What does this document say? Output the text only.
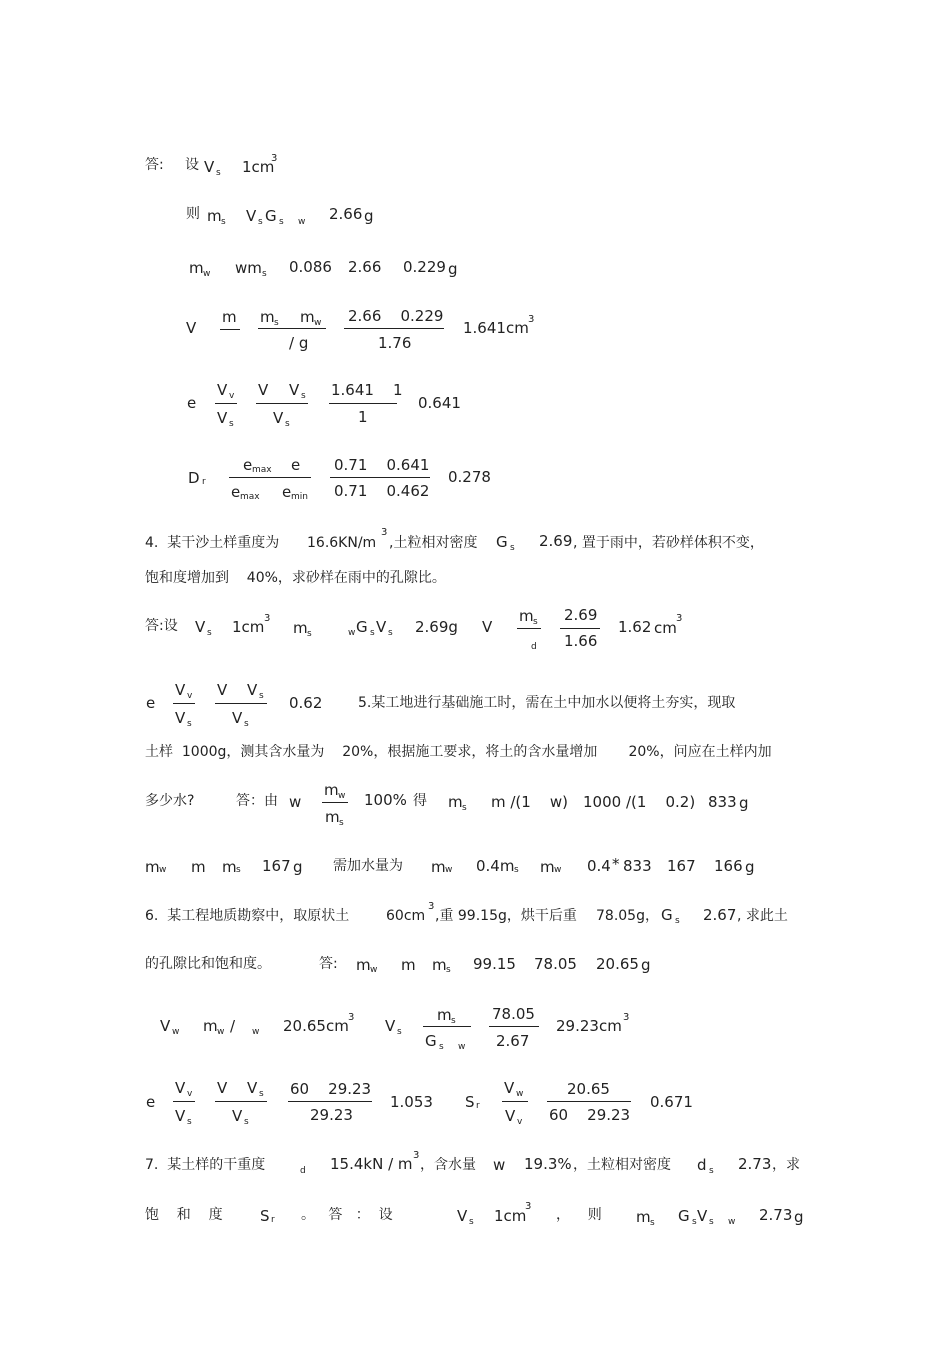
答: 设 V s 1cm
3
则 m s V s G s w 2.66 g
m w wm s 0.086 2.66 0.229 g
V
m m s m w
/ g
2.66    0.229
1.76
1.641cm 3
e
V v
V s
V V s
V s
1.641    1
1
0.641
D r
e max e
e max e min
0.71    0.641
0.71    0.462
0.278
4.  某干沙土样重度为 16.6KN/m
3
,土粒相对密度 G s 2.69 , 置于雨中，若砂样体积不变，
饱和度增加到    40%，求砂样在雨中的孔隙比。
答:设 V s 1cm 3
m s	w G s V s 2.69g V
m s
d
2.69
1.66
1.62 cm
3
e
V v
V s
V V s
V s
0.62	5.某工地进行基础施工时，需在土中加水以便将土夯实，现取
土样  1000g，测其含水量为    20%，根据施工要求，将土的含水量增加       20%，问应在土样内加
多少水?	答：由 w
m w
m s
100% 得 m s m /(1    w) 1000 /(1    0.2) 833 g
m w m m s 167 g 需加水量为 m w 0.4m s m w 0.4 * 833 167 166 g
6.  某工程地质勘察中，取原状土	60cm
3
,重 99.15g，烘干后重 78.05g， G s 2.67 , 求此土
的孔隙比和饱和度。	答: m w m m s 99.15 78.05 20.65 g
V w m w / w 20.65cm 3 V s
m s
G s w
78.05
2.67
29.23cm 3
e
V v
V s
V V s
V s
60    29.23
29.23
1.053 S r
V w
V v
20.65
60    29.23
0.671
7.  某土样的干重度	d 15.4kN / m 3
，含水量 w 19.3% ，土粒相对密度 d s 2.73 ，求
饱    和    度 S r 。   答   ：  设	V s 1cm
3
，    则 m s G s V s w 2.73 g
